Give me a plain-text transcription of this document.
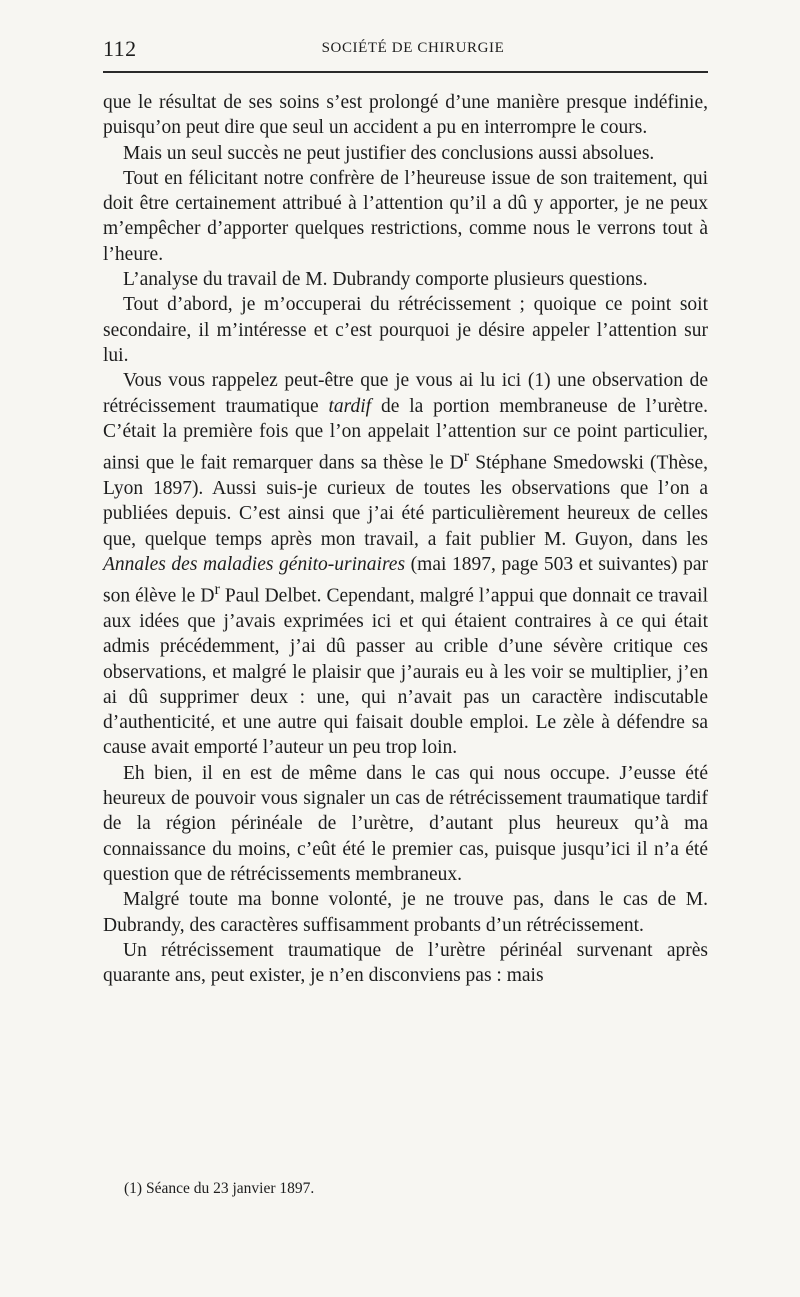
112	SOCIÉTÉ DE CHIRURGIE

que le résultat de ses soins s’est prolongé d’une manière presque indéfinie, puisqu’on peut dire que seul un accident a pu en interrompre le cours.

Mais un seul succès ne peut justifier des conclusions aussi absolues.

Tout en félicitant notre confrère de l’heureuse issue de son traitement, qui doit être certainement attribué à l’attention qu’il a dû y apporter, je ne peux m’empêcher d’apporter quelques restrictions, comme nous le verrons tout à l’heure.

L’analyse du travail de M. Dubrandy comporte plusieurs questions.

Tout d’abord, je m’occuperai du rétrécissement ; quoique ce point soit secondaire, il m’intéresse et c’est pourquoi je désire appeler l’attention sur lui.

Vous vous rappelez peut-être que je vous ai lu ici (1) une observation de rétrécissement traumatique tardif de la portion membraneuse de l’urètre. C’était la première fois que l’on appelait l’attention sur ce point particulier, ainsi que le fait remarquer dans sa thèse le $D^r$ Stéphane Smedowski (Thèse, Lyon 1897). Aussi suis-je curieux de toutes les observations que l’on a publiées depuis. C’est ainsi que j’ai été particulièrement heureux de celles que, quelque temps après mon travail, a fait publier M. Guyon, dans les Annales des maladies génito-urinaires (mai 1897, page 503 et suivantes) par son élève le $D^r$ Paul Delbet. Cependant, malgré l’appui que donnait ce travail aux idées que j’avais exprimées ici et qui étaient contraires à ce qui était admis précédemment, j’ai dû passer au crible d’une sévère critique ces observations, et malgré le plaisir que j’aurais eu à les voir se multiplier, j’en ai dû supprimer deux : une, qui n’avait pas un caractère indiscutable d’authenticité, et une autre qui faisait double emploi. Le zèle à défendre sa cause avait emporté l’auteur un peu trop loin.

Eh bien, il en est de même dans le cas qui nous occupe. J’eusse été heureux de pouvoir vous signaler un cas de rétrécissement traumatique tardif de la région périnéale de l’urètre, d’autant plus heureux qu’à ma connaissance du moins, c’eût été le premier cas, puisque jusqu’ici il n’a été question que de rétrécissements membraneux.

Malgré toute ma bonne volonté, je ne trouve pas, dans le cas de M. Dubrandy, des caractères suffisamment probants d’un rétrécissement.

Un rétrécissement traumatique de l’urètre périnéal survenant après quarante ans, peut exister, je n’en disconviens pas : mais

(1) Séance du 23 janvier 1897.
